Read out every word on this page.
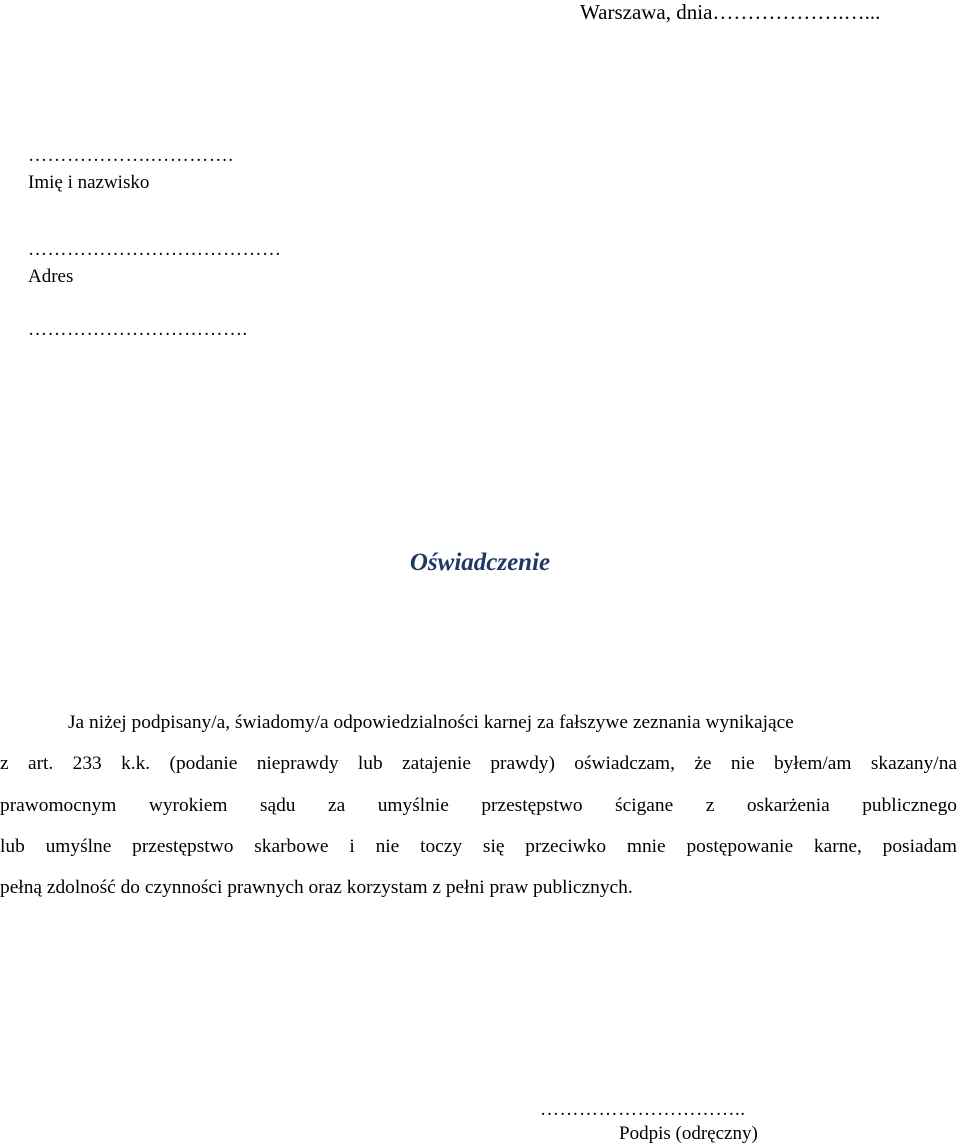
Warszawa, dnia……………….…...
……………….………….
Imię i nazwisko
…………………………………
Adres
…………………………….
Oświadczenie
Ja niżej podpisany/a, świadomy/a odpowiedzialności karnej za fałszywe zeznania wynikające
z art. 233 k.k. (podanie nieprawdy lub zatajenie prawdy) oświadczam, że nie byłem/am skazany/na
prawomocnym wyrokiem sądu za umyślnie przestępstwo ścigane z oskarżenia publicznego
lub umyślne przestępstwo skarbowe i nie toczy się przeciwko mnie postępowanie karne, posiadam
pełną zdolność do czynności prawnych oraz korzystam z pełni praw publicznych.
…………………………..
Podpis (odręczny)
